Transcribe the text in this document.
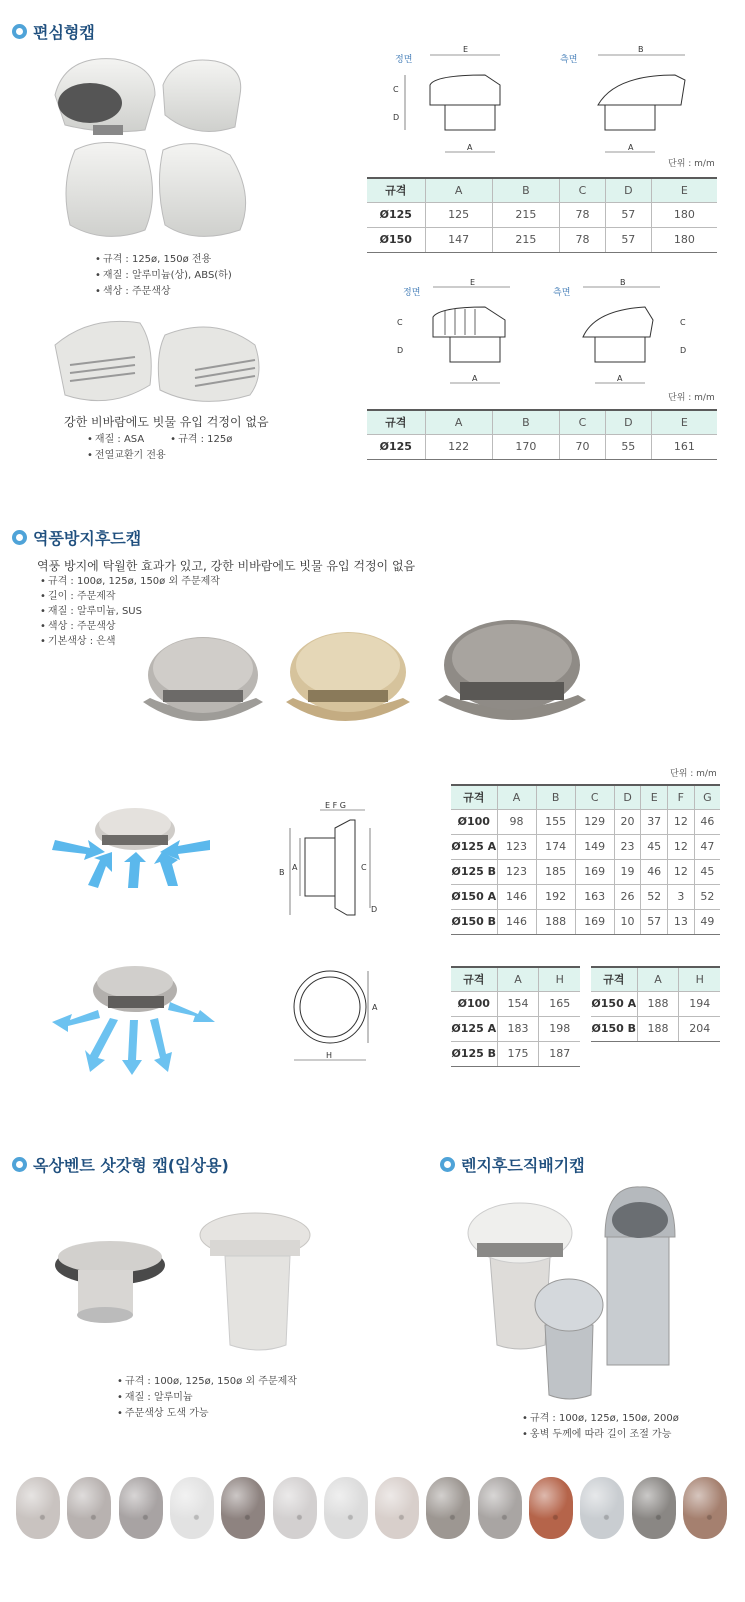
편심형캡
• 규격 : 125ø, 150ø 전용
• 재질 : 알루미늄(상), ABS(하)
• 색상 : 주문색상
강한 비바람에도 빗물 유입 걱정이 없음
• 재질 : ASA	• 규격 : 125ø
• 전열교환기 전용
정면	측면
E
A
C
D
B
A
단위 : m/m
규격	A	B	C	D	E
Ø125	125	215	78	57	180
Ø150	147	215	78	57	180
정면	측면
E
A
C
D
B
A
C
D
단위 : m/m
규격	A	B	C	D	E
Ø125	122	170	70	55	161
역풍방지후드캡
역풍 방지에 탁월한 효과가 있고, 강한 비바람에도 빗물 유입 걱정이 없음
• 규격 : 100ø, 125ø, 150ø 외 주문제작
• 길이 : 주문제작
• 재질 : 알루미늄, SUS
• 색상 : 주문색상
• 기본색상 : 은색
단위 : m/m
E F G
B
A	C
D
규격	A	B	C	D	E	F	G
Ø100	98	155	129	20	37	12	46
Ø125 A	123	174	149	23	45	12	47
Ø125 B	123	185	169	19	46	12	45
Ø150 A	146	192	163	26	52	3	52
Ø150 B	146	188	169	10	57	13	49
A
H
규격	A	H
Ø100	154	165
Ø125 A	183	198
Ø125 B	175	187
규격	A	H
Ø150 A	188	194
Ø150 B	188	204
옥상벤트 삿갓형 캡(입상용)
• 규격 : 100ø, 125ø, 150ø 외 주문제작
• 재질 : 알루미늄
• 주문색상 도색 가능
렌지후드직배기캡
• 규격 : 100ø, 125ø, 150ø, 200ø
• 옹벽 두께에 따라 길이 조절 가능
